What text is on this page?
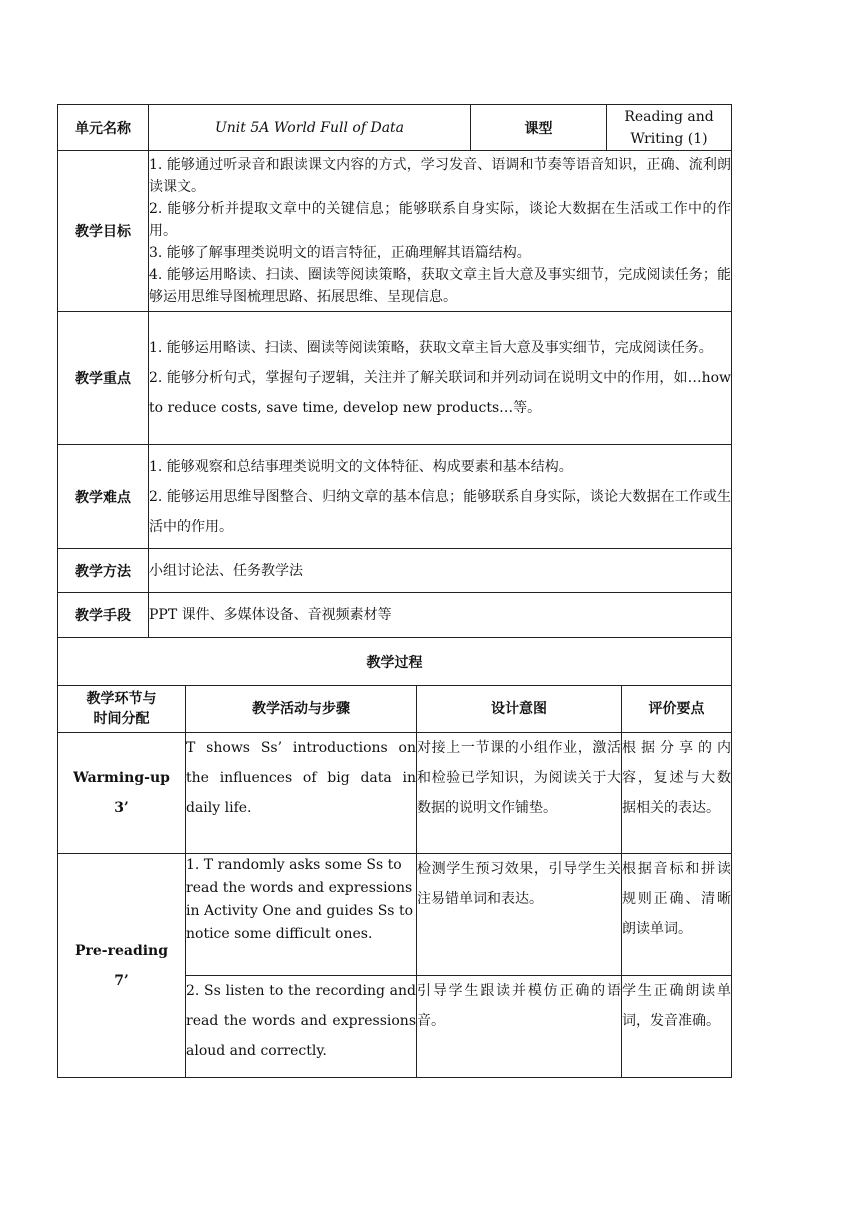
单元名称	Unit 5A World Full of Data	课型	Reading and
Writing (1)

教学目标	1. 能够通过听录音和跟读课文内容的方式，学习发音、语调和节奏等语音知识，正确、流利朗读课文。
2. 能够分析并提取文章中的关键信息；能够联系自身实际，谈论大数据在生活或工作中的作用。
3. 能够了解事理类说明文的语言特征，正确理解其语篇结构。
4. 能够运用略读、扫读、圈读等阅读策略，获取文章主旨大意及事实细节，完成阅读任务；能够运用思维导图梳理思路、拓展思维、呈现信息。		

教学重点	1. 能够运用略读、扫读、圈读等阅读策略，获取文章主旨大意及事实细节，完成阅读任务。
2. 能够分析句式，掌握句子逻辑，关注并了解关联词和并列动词在说明文中的作用，如…how to reduce costs, save time, develop new products…等。		

教学难点	1. 能够观察和总结事理类说明文的文体特征、构成要素和基本结构。
2. 能够运用思维导图整合、归纳文章的基本信息；能够联系自身实际，谈论大数据在工作或生活中的作用。		

教学方法	小组讨论法、任务教学法		
教学手段	PPT 课件、多媒体设备、音视频素材等		
教学过程			
教学环节与
时间分配	教学活动与步骤	设计意图	评价要点

Warming-up
3’	T shows Ss’ introductions on the influences of big data in daily life.	对接上一节课的小组作业，激活和检验已学知识，为阅读关于大数据的说明文作铺垫。	根据分享的内容，复述与大数据相关的表达。

Pre-reading
7’	1. T randomly asks some Ss to read the words and expressions in Activity One and guides Ss to notice some difficult ones.	检测学生预习效果，引导学生关注易错单词和表达。	根据音标和拼读规则正确、清晰朗读单词。
	2. Ss listen to the recording and read the words and expressions aloud and correctly.	引导学生跟读并模仿正确的语音。	学生正确朗读单词，发音准确。
